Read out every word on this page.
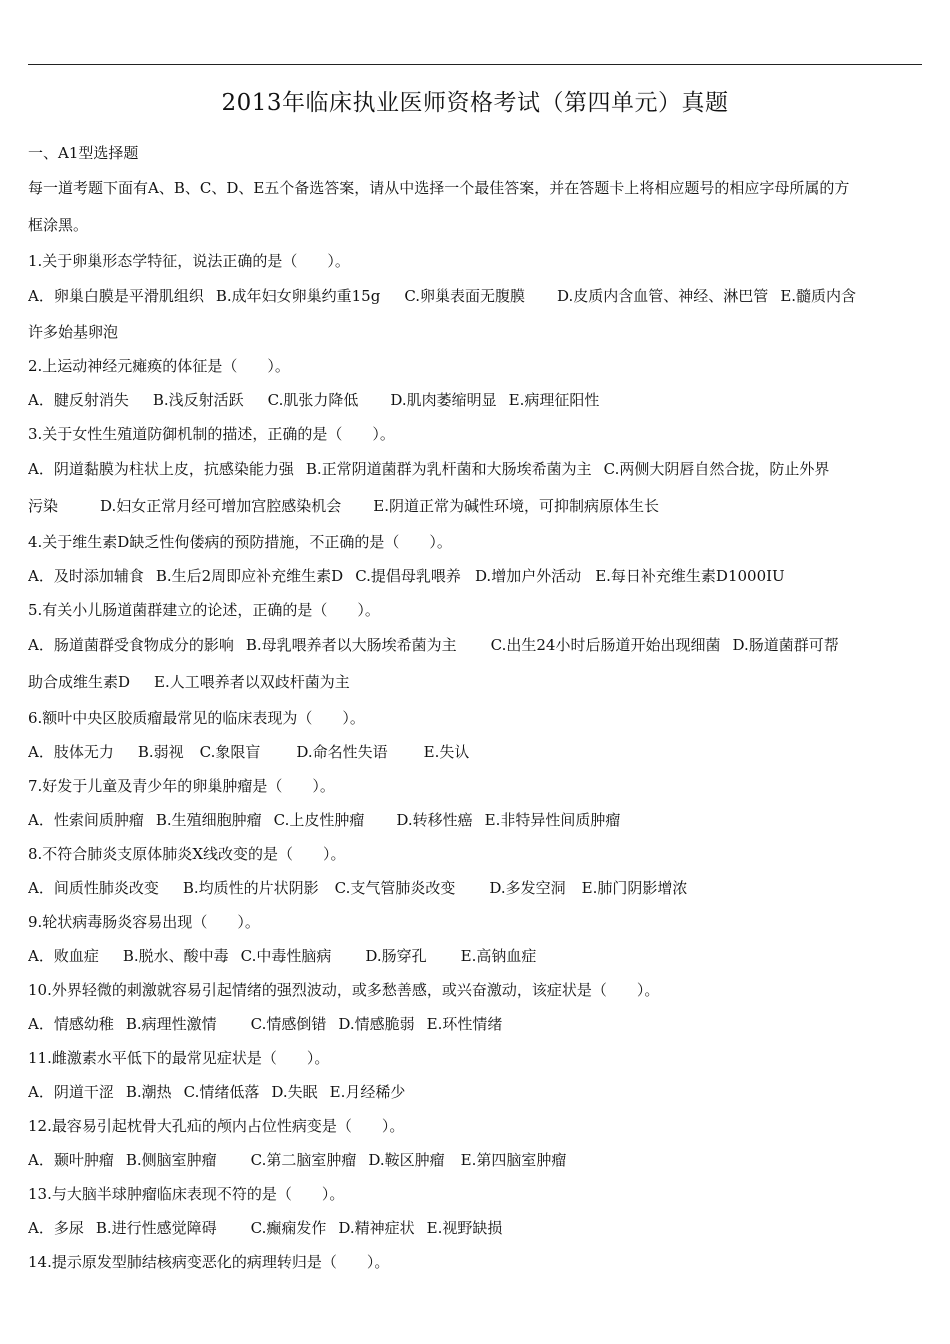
2013年临床执业医师资格考试（第四单元）真题
一、A1型选择题
每一道考题下面有A、B、C、D、E五个备选答案，请从中选择一个最佳答案，并在答题卡上将相应题号的相应字母所属的方
框涂黑。
1.关于卵巢形态学特征，说法正确的是（　　）。
A．卵巢白膜是平滑肌组织 B.成年妇女卵巢约重15g C.卵巢表面无腹膜 D.皮质内含血管、神经、淋巴管 E.髓质内含
许多始基卵泡
2.上运动神经元瘫痪的体征是（　　）。
A．腱反射消失 B.浅反射活跃 C.肌张力降低 D.肌肉萎缩明显 E.病理征阳性
3.关于女性生殖道防御机制的描述，正确的是（　　）。
A．阴道黏膜为柱状上皮，抗感染能力强 B.正常阴道菌群为乳杆菌和大肠埃希菌为主 C.两侧大阴唇自然合拢，防止外界
污染	D.妇女正常月经可增加宫腔感染机会 E.阴道正常为碱性环境，可抑制病原体生长
4.关于维生素D缺乏性佝偻病的预防措施，不正确的是（　　）。
A．及时添加辅食 B.生后2周即应补充维生素D C.提倡母乳喂养 D.增加户外活动 E.每日补充维生素D1000IU
5.有关小儿肠道菌群建立的论述，正确的是（　　）。
A．肠道菌群受食物成分的影响 B.母乳喂养者以大肠埃希菌为主 C.出生24小时后肠道开始出现细菌 D.肠道菌群可帮
助合成维生素D E.人工喂养者以双歧杆菌为主
6.额叶中央区胶质瘤最常见的临床表现为（　　）。
A．肢体无力 B.弱视 C.象限盲 D.命名性失语 E.失认
7.好发于儿童及青少年的卵巢肿瘤是（　　）。
A．性索间质肿瘤 B.生殖细胞肿瘤 C.上皮性肿瘤 D.转移性癌 E.非特异性间质肿瘤
8.不符合肺炎支原体肺炎X线改变的是（　　）。
A．间质性肺炎改变 B.均质性的片状阴影 C.支气管肺炎改变 D.多发空洞 E.肺门阴影增浓
9.轮状病毒肠炎容易出现（　　）。
A．败血症 B.脱水、酸中毒 C.中毒性脑病 D.肠穿孔 E.高钠血症
10.外界轻微的刺激就容易引起情绪的强烈波动，或多愁善感，或兴奋激动，该症状是（　　）。
A．情感幼稚 B.病理性激情 C.情感倒错 D.情感脆弱 E.环性情绪
11.雌激素水平低下的最常见症状是（　　）。
A．阴道干涩 B.潮热 C.情绪低落 D.失眠 E.月经稀少
12.最容易引起枕骨大孔疝的颅内占位性病变是（　　）。
A．颞叶肿瘤 B.侧脑室肿瘤 C.第二脑室肿瘤 D.鞍区肿瘤 E.第四脑室肿瘤
13.与大脑半球肿瘤临床表现不符的是（　　）。
A．多尿 B.进行性感觉障碍 C.癫痫发作 D.精神症状 E.视野缺损
14.提示原发型肺结核病变恶化的病理转归是（　　）。
